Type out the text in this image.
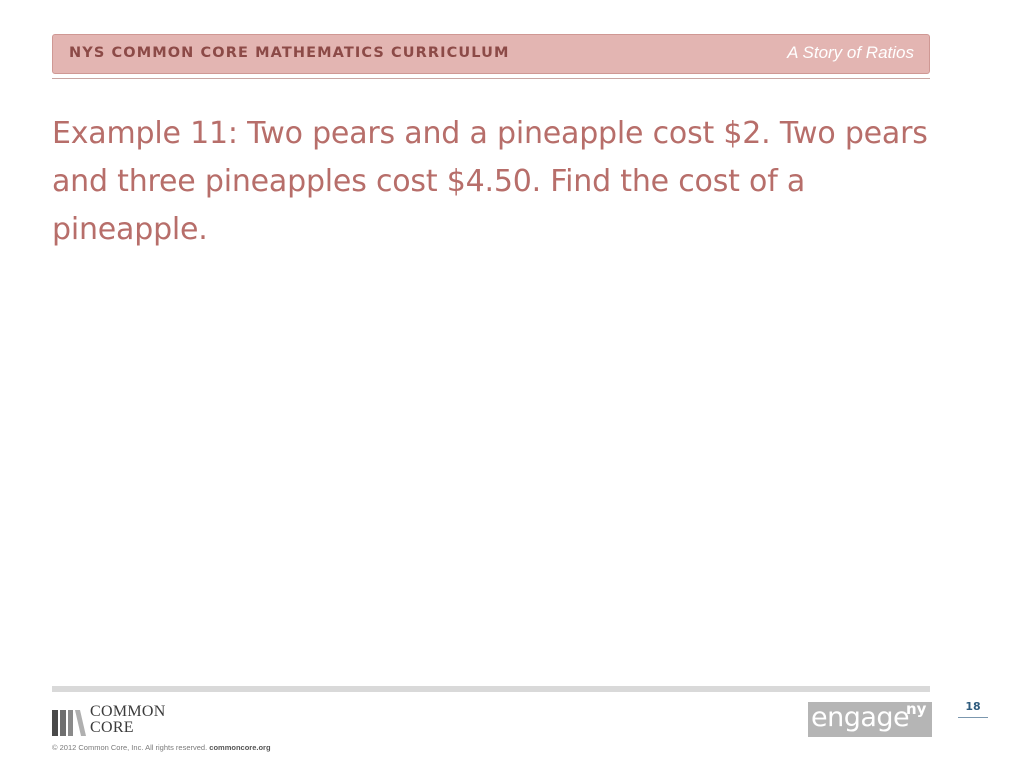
NYS COMMON CORE MATHEMATICS CURRICULUM	A Story of Ratios
Example 11: Two pears and a pineapple cost $2. Two pears and three pineapples cost $4.50. Find the cost of a pineapple.
COMMON
CORE
© 2012 Common Core, Inc. All rights reserved. commoncore.org
engage
ny	18
